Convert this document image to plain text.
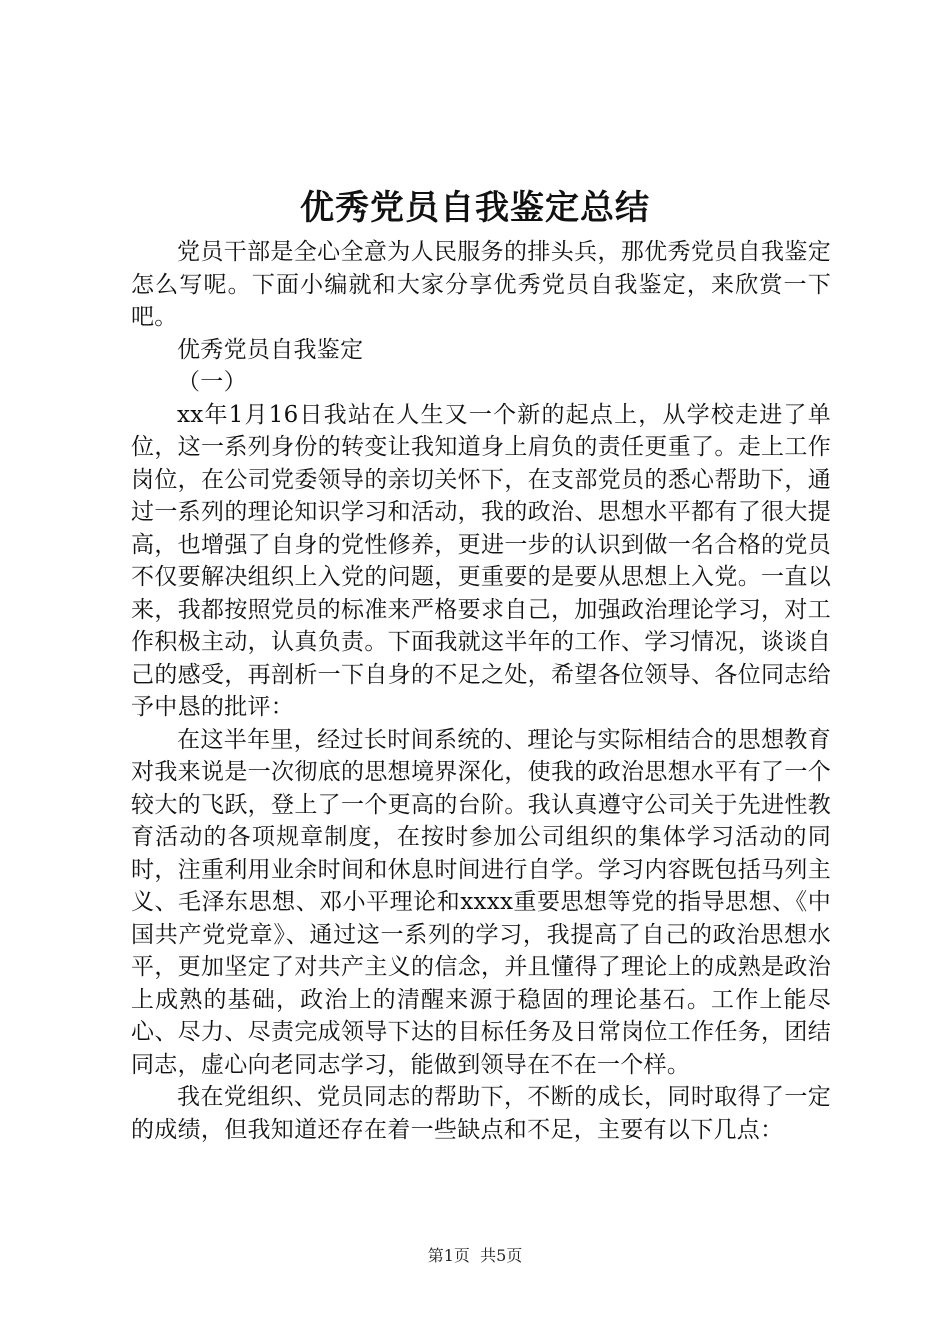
优秀党员自我鉴定总结

党员干部是全心全意为人民服务的排头兵，那优秀党员自我鉴定怎么写呢。下面小编就和大家分享优秀党员自我鉴定，来欣赏一下吧。

优秀党员自我鉴定

（一）

xx年1月16日我站在人生又一个新的起点上，从学校走进了单位，这一系列身份的转变让我知道身上肩负的责任更重了。走上工作岗位，在公司党委领导的亲切关怀下，在支部党员的悉心帮助下，通过一系列的理论知识学习和活动，我的政治、思想水平都有了很大提高，也增强了自身的党性修养，更进一步的认识到做一名合格的党员不仅要解决组织上入党的问题，更重要的是要从思想上入党。一直以来，我都按照党员的标准来严格要求自己，加强政治理论学习，对工作积极主动，认真负责。下面我就这半年的工作、学习情况，谈谈自己的感受，再剖析一下自身的不足之处，希望各位领导、各位同志给予中恳的批评：

在这半年里，经过长时间系统的、理论与实际相结合的思想教育对我来说是一次彻底的思想境界深化，使我的政治思想水平有了一个较大的飞跃，登上了一个更高的台阶。我认真遵守公司关于先进性教育活动的各项规章制度，在按时参加公司组织的集体学习活动的同时，注重利用业余时间和休息时间进行自学。学习内容既包括马列主义、毛泽东思想、邓小平理论和xxxx重要思想等党的指导思想、《中国共产党党章》、通过这一系列的学习，我提高了自己的政治思想水平，更加坚定了对共产主义的信念，并且懂得了理论上的成熟是政治上成熟的基础，政治上的清醒来源于稳固的理论基石。工作上能尽心、尽力、尽责完成领导下达的目标任务及日常岗位工作任务，团结同志，虚心向老同志学习，能做到领导在不在一个样。

我在党组织、党员同志的帮助下，不断的成长，同时取得了一定的成绩，但我知道还存在着一些缺点和不足，主要有以下几点：

第1页  共5页
